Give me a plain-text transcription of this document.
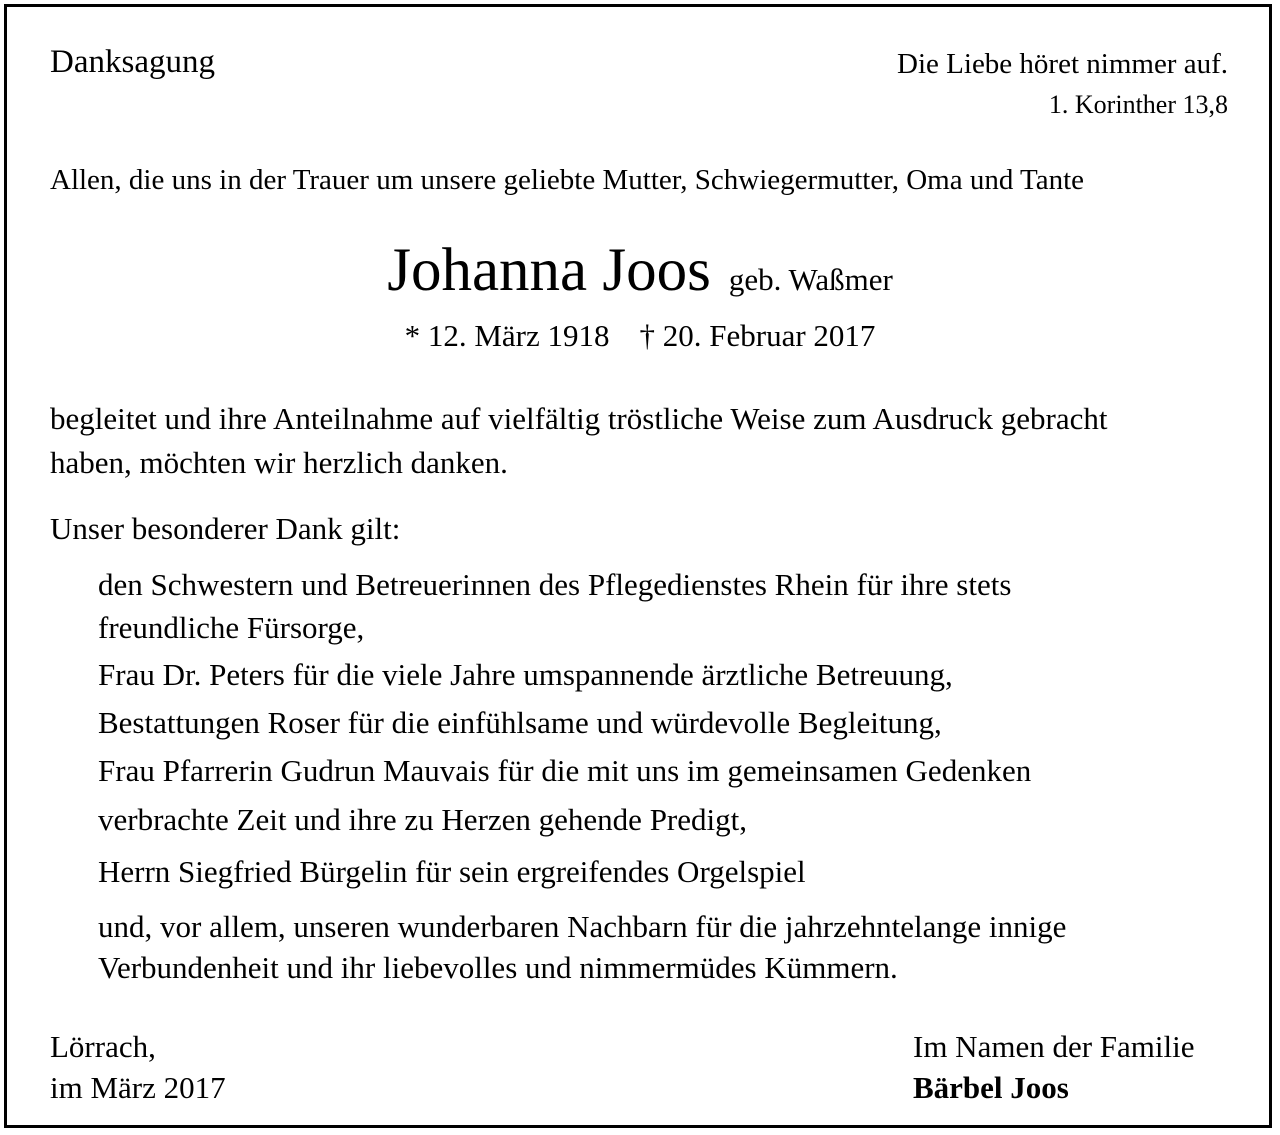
Danksagung	Die Liebe höret nimmer auf.
1. Korinther 13,8
Allen, die uns in der Trauer um unsere geliebte Mutter, Schwiegermutter, Oma und Tante
Johanna Joos geb. Waßmer
* 12. März 1918 † 20. Februar 2017
begleitet und ihre Anteilnahme auf vielfältig tröstliche Weise zum Ausdruck gebracht
haben, möchten wir herzlich danken.
Unser besonderer Dank gilt:
den Schwestern und Betreuerinnen des Pflegedienstes Rhein für ihre stets
freundliche Fürsorge,
Frau Dr. Peters für die viele Jahre umspannende ärztliche Betreuung,
Bestattungen Roser für die einfühlsame und würdevolle Begleitung,
Frau Pfarrerin Gudrun Mauvais für die mit uns im gemeinsamen Gedenken
verbrachte Zeit und ihre zu Herzen gehende Predigt,
Herrn Siegfried Bürgelin für sein ergreifendes Orgelspiel
und, vor allem, unseren wunderbaren Nachbarn für die jahrzehntelange innige
Verbundenheit und ihr liebevolles und nimmermüdes Kümmern.
Lörrach,
im März 2017
Im Namen der Familie
Bärbel Joos
